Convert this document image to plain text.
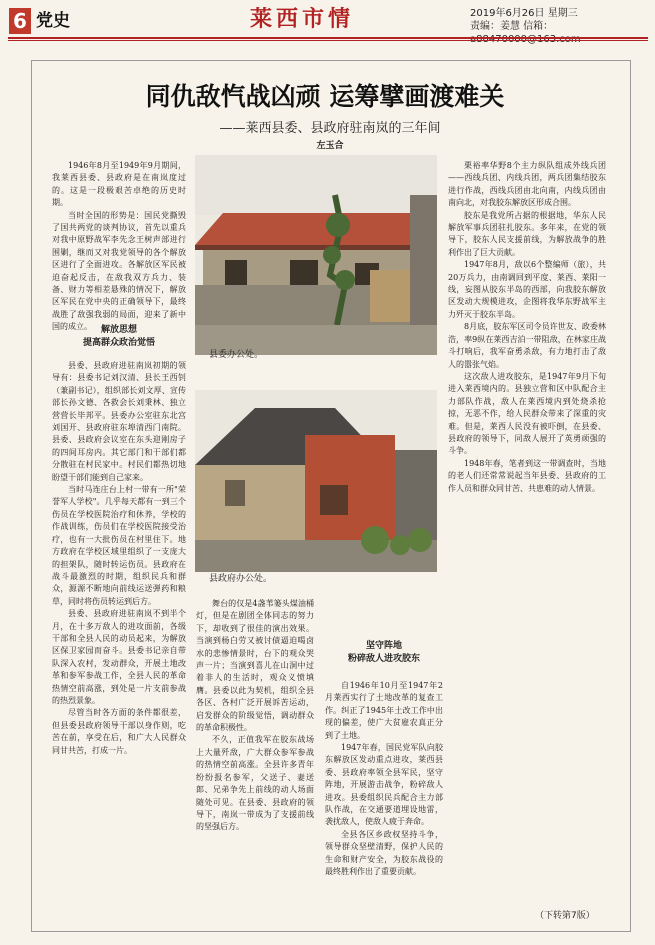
6 党史	莱西市情	2019年6月26日 星期三
责编：姜慧 信箱：
同仇敌忾战凶顽 运筹擘画渡难关
——莱西县委、县政府驻南岚的三年间
左玉合

1946年8月至1949年9月期间，我莱西县委、县政府是在南岚度过的。这是一段极艰苦卓绝的历史时期。

当时全国的形势是：国民党撕毁了国共两党的谈判协议，首先以重兵对我中原野战军李先念王树声部进行围剿，继而又对我党领导的各个解放区进行了全面进攻。各解放区军民被迫奋起反击，在敌我双方兵力、装备、财力等相差悬殊的情况下，解放区军民在党中央的正确领导下，最终战胜了敌强我弱的局面，迎来了新中国的成立。 解放思想
提高群众政治觉悟

县委、县政府进驻南岚初期的领导有：县委书记刘汉清、县长王西钊（兼副书记），组织部长刘文厚、宣传部长孙文德、各救会长刘秉林、独立营营长毕邦平。县委办公室驻东北宫刘国开、县政府驻东埠清西门南院。县委、县政府会议室在东头迎刚房子的四间耳房内。其它部门和干部们都分散驻在村民家中。村民们都热切地盼望干部们能到自己家来。

当时马连庄台上村一带有一所"荣誉军人学校"。几乎每天都有一到三个伤员在学校医院治疗和休养，学校的作战训练，伤员们在学校医院接受治疗，也有一大批伤员在村里住下。地方政府在学校区域里组织了一支庞大的担架队，随时转运伤员。县政府在战斗最激烈的时期，组织民兵和群众，源源不断地向前线运送弹药和粮草，同时将伤员转运到后方。

县委、县政府进驻南岚不到半个月，在十多万敌人的进攻面前，各级干部和全县人民的动员起来，为解放区保卫家园而奋斗。县委书记亲自带队深入农村，发动群众，开展土地改革和参军参战工作，全县人民的革命热情空前高涨，到处是一片支前参战的热烈景象。

尽管当时各方面的条件都很差，但县委县政府领导干部以身作则，吃苦在前，享受在后，和广大人民群众同甘共苦，打成一片。

县委办公处。
县政府办公处。

舞台的仅是4盏苇篓头煤油桶灯，但是在剧团全体同志的努力下，却收到了很佳的演出效果。当演到杨白劳又被讨债逼迫喝卤水的悲惨情景时，台下的观众哭声一片；当演到喜儿在山洞中过着非人的生活时，观众义愤填膺。县委以此为契机，组织全县各区、各村广泛开展诉苦运动，启发群众的阶级觉悟，调动群众的革命积极性。

不久，正值我军在胶东战场上大量歼敌，广大群众参军参战的热情空前高涨。全县许多青年纷纷报名参军，父送子、妻送郎、兄弟争先上前线的动人场面随处可见。在县委、县政府的领导下，南岚一带成为了支援前线的坚强后方。

坚守阵地
粉碎敌人进攻胶东

自1946年10月至1947年2月莱西实行了土地改革的复查工作。纠正了1945年土改工作中出现的偏差，使广大贫雇农真正分到了土地。

1947年春，国民党军队向胶东解放区发动重点进攻，莱西县委、县政府率领全县军民，坚守阵地，开展游击战争，粉碎敌人进攻。县委组织民兵配合主力部队作战，在交通要道埋设地雷，袭扰敌人，使敌人疲于奔命。

全县各区乡政权坚持斗争，领导群众坚壁清野，保护人民的生命和财产安全，为胶东战役的最终胜利作出了重要贡献。

栗裕率华野8个主力纵队组成外线兵团——西线兵团、内线兵团，两兵团集结胶东进行作战，西线兵团由北向南，内线兵团由南向北，对我胶东解放区形成合围。

胶东是我党所占据的根据地，华东人民解放军事兵团驻扎胶东。多年来，在党的领导下，胶东人民支援前线，为解放战争的胜利作出了巨大贡献。

1947年8月，敌以6个整编师（旅），共20万兵力，由南调回到平度、莱西、莱阳一线，妄图从胶东半岛的西部，向我胶东解放区发动大规模进攻，企图将我华东野战军主力歼灭于胶东半岛。

8月底，胶东军区司令员许世友、政委林浩，率9纵在莱西吉泊一带阻敌，在林家庄战斗打响后，我军奋勇杀敌，有力地打击了敌人的嚣张气焰。

这次敌人进攻胶东，是1947年9月下旬进入莱西境内的。县独立营和区中队配合主力部队作战，敌人在莱西境内到处烧杀抢掠，无恶不作，给人民群众带来了深重的灾难。但是，莱西人民没有被吓倒，在县委、县政府的领导下，同敌人展开了英勇顽强的斗争。

1948年春，笔者到这一带调查时，当地的老人们还常常说起当年县委、县政府的工作人员和群众同甘苦、共患难的动人情景。

（下转第7版）
